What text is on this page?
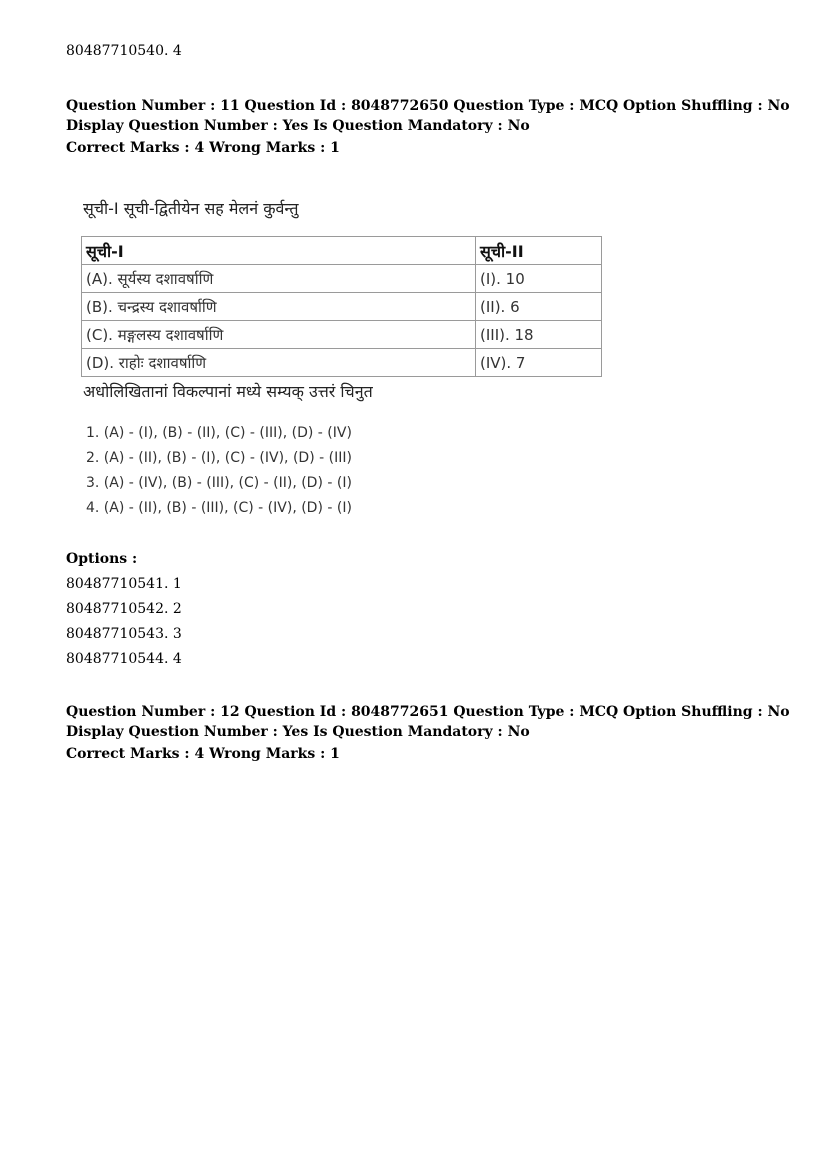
80487710540. 4
Question Number : 11 Question Id : 8048772650 Question Type : MCQ Option Shuffling : No
Display Question Number : Yes Is Question Mandatory : No
Correct Marks : 4 Wrong Marks : 1
सूची-I सूची-द्वितीयेन सह मेलनं कुर्वन्तु
सूची-I	सूची-II
(A). सूर्यस्य दशावर्षाणि	(I). 10
(B). चन्द्रस्य दशावर्षाणि	(II). 6
(C). मङ्गलस्य दशावर्षाणि	(III). 18
(D). राहोः दशावर्षाणि	(IV). 7
अधोलिखितानां विकल्पानां मध्ये सम्यक् उत्तरं चिनुत
1. (A) - (I), (B) - (II), (C) - (III), (D) - (IV)
2. (A) - (II), (B) - (I), (C) - (IV), (D) - (III)
3. (A) - (IV), (B) - (III), (C) - (II), (D) - (I)
4. (A) - (II), (B) - (III), (C) - (IV), (D) - (I)
Options :
80487710541. 1
80487710542. 2
80487710543. 3
80487710544. 4
Question Number : 12 Question Id : 8048772651 Question Type : MCQ Option Shuffling : No
Display Question Number : Yes Is Question Mandatory : No
Correct Marks : 4 Wrong Marks : 1
